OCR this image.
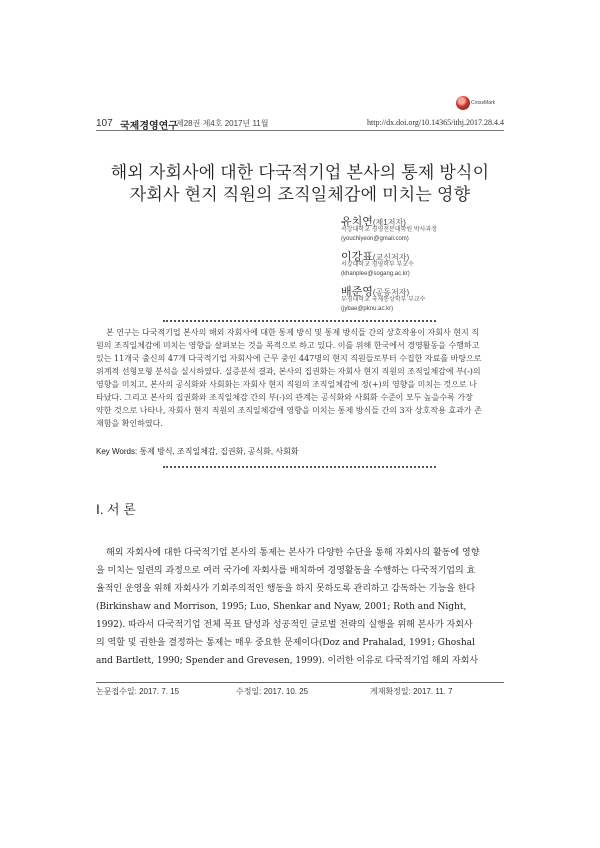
CrossMark
107 국제경영연구
제28권 제4호 2017년 11월	http://dx.doi.org/10.14365/ithj.2017.28.4.4
해외 자회사에 대한 다국적기업 본사의 통제 방식이
자회사 현지 직원의 조직일체감에 미치는 영향
유치연(제1저자)
서강대학교 경영전문대학원 박사과정
(youchiyeon@gmail.com)
이강표(교신저자)
서강대학교 경영학부 부교수
(khanplee@sogang.ac.kr)
배준영(공동저자)
부경대학교 국제통상학부 부교수
(jybae@pknu.ac.kr)
본 연구는 다국적기업 본사의 해외 자회사에 대한 통제 방식 및 통제 방식들 간의 상호작용이 자회사 현지 직
원의 조직일체감에 미치는 영향을 살펴보는 것을 목적으로 하고 있다. 이를 위해 한국에서 경영활동을 수행하고
있는 11개국 출신의 47개 다국적기업 자회사에 근무 중인 447명의 현지 직원들로부터 수집한 자료를 바탕으로
위계적 선형모형 분석을 실시하였다. 실증분석 결과, 본사의 집권화는 자회사 현지 직원의 조직일체감에 부(-)의
영향을 미치고, 본사의 공식화와 사회화는 자회사 현지 직원의 조직일체감에 정(+)의 영향을 미치는 것으로 나
타났다. 그리고 본사의 집권화와 조직일체감 간의 부(-)의 관계는 공식화와 사회화 수준이 모두 높을수록 가장
약한 것으로 나타나, 자회사 현지 직원의 조직일체감에 영향을 미치는 통제 방식들 간의 3자 상호작용 효과가 존
재함을 확인하였다.
Key Words: 통제 방식, 조직일체감, 집권화, 공식화, 사회화
Ⅰ. 서 론
해외 자회사에 대한 다국적기업 본사의 통제는 본사가 다양한 수단을 통해 자회사의 활동에 영향
을 미치는 일련의 과정으로 여러 국가에 자회사를 배치하여 경영활동을 수행하는 다국적기업의 효
율적인 운영을 위해 자회사가 기회주의적인 행동을 하지 못하도록 관리하고 감독하는 기능을 한다
(Birkinshaw and Morrison, 1995; Luo, Shenkar and Nyaw, 2001; Roth and Night,
1992). 따라서 다국적기업 전체 목표 달성과 성공적인 글로벌 전략의 실행을 위해 본사가 자회사
의 역할 및 권한을 결정하는 통제는 매우 중요한 문제이다(Doz and Prahalad, 1991; Ghoshal
and Bartlett, 1990; Spender and Grevesen, 1999). 이러한 이유로 다국적기업 해외 자회사
논문접수일: 2017. 7. 15	수정일: 2017. 10. 25	게재확정일: 2017. 11. 7
